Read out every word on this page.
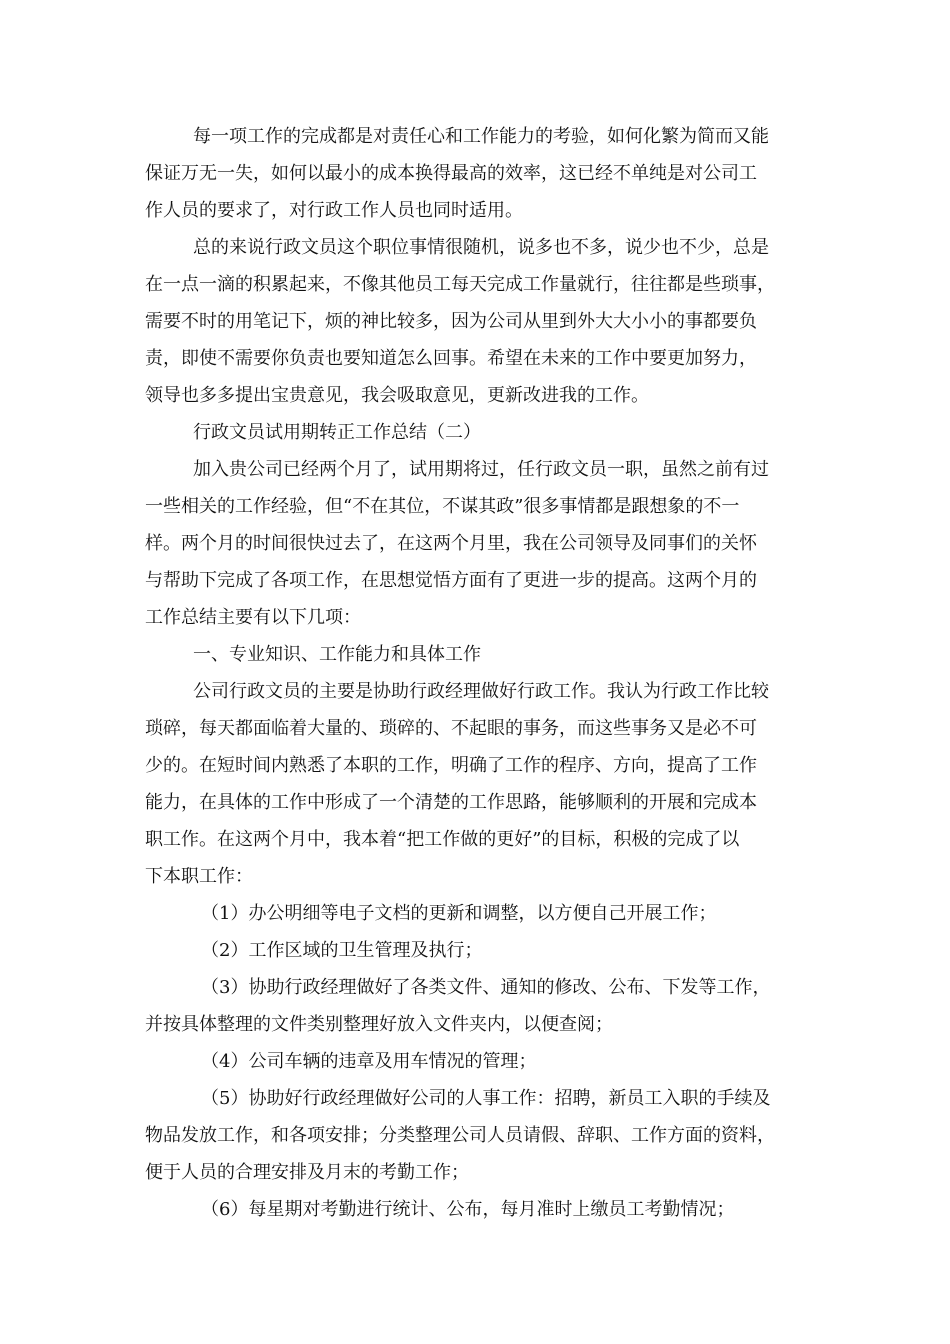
每一项工作的完成都是对责任心和工作能力的考验，如何化繁为简而又能
保证万无一失，如何以最小的成本换得最高的效率，这已经不单纯是对公司工
作人员的要求了，对行政工作人员也同时适用。
总的来说行政文员这个职位事情很随机，说多也不多，说少也不少，总是
在一点一滴的积累起来，不像其他员工每天完成工作量就行，往往都是些琐事，
需要不时的用笔记下，烦的神比较多，因为公司从里到外大大小小的事都要负
责，即使不需要你负责也要知道怎么回事。希望在未来的工作中要更加努力，
领导也多多提出宝贵意见，我会吸取意见，更新改进我的工作。
行政文员试用期转正工作总结（二）
加入贵公司已经两个月了，试用期将过，任行政文员一职，虽然之前有过
一些相关的工作经验，但“不在其位，不谋其政”很多事情都是跟想象的不一
样。两个月的时间很快过去了，在这两个月里，我在公司领导及同事们的关怀
与帮助下完成了各项工作，在思想觉悟方面有了更进一步的提高。这两个月的
工作总结主要有以下几项：
一、专业知识、工作能力和具体工作
公司行政文员的主要是协助行政经理做好行政工作。我认为行政工作比较
琐碎，每天都面临着大量的、琐碎的、不起眼的事务，而这些事务又是必不可
少的。在短时间内熟悉了本职的工作，明确了工作的程序、方向，提高了工作
能力，在具体的工作中形成了一个清楚的工作思路，能够顺利的开展和完成本
职工作。在这两个月中，我本着“把工作做的更好”的目标，积极的完成了以
下本职工作：
（1）办公明细等电子文档的更新和调整，以方便自己开展工作；
（2）工作区域的卫生管理及执行；
（3）协助行政经理做好了各类文件、通知的修改、公布、下发等工作，
并按具体整理的文件类别整理好放入文件夹内，以便查阅；
（4）公司车辆的违章及用车情况的管理；
（5）协助好行政经理做好公司的人事工作：招聘，新员工入职的手续及
物品发放工作，和各项安排；分类整理公司人员请假、辞职、工作方面的资料，
便于人员的合理安排及月末的考勤工作；
（6）每星期对考勤进行统计、公布，每月准时上缴员工考勤情况；
